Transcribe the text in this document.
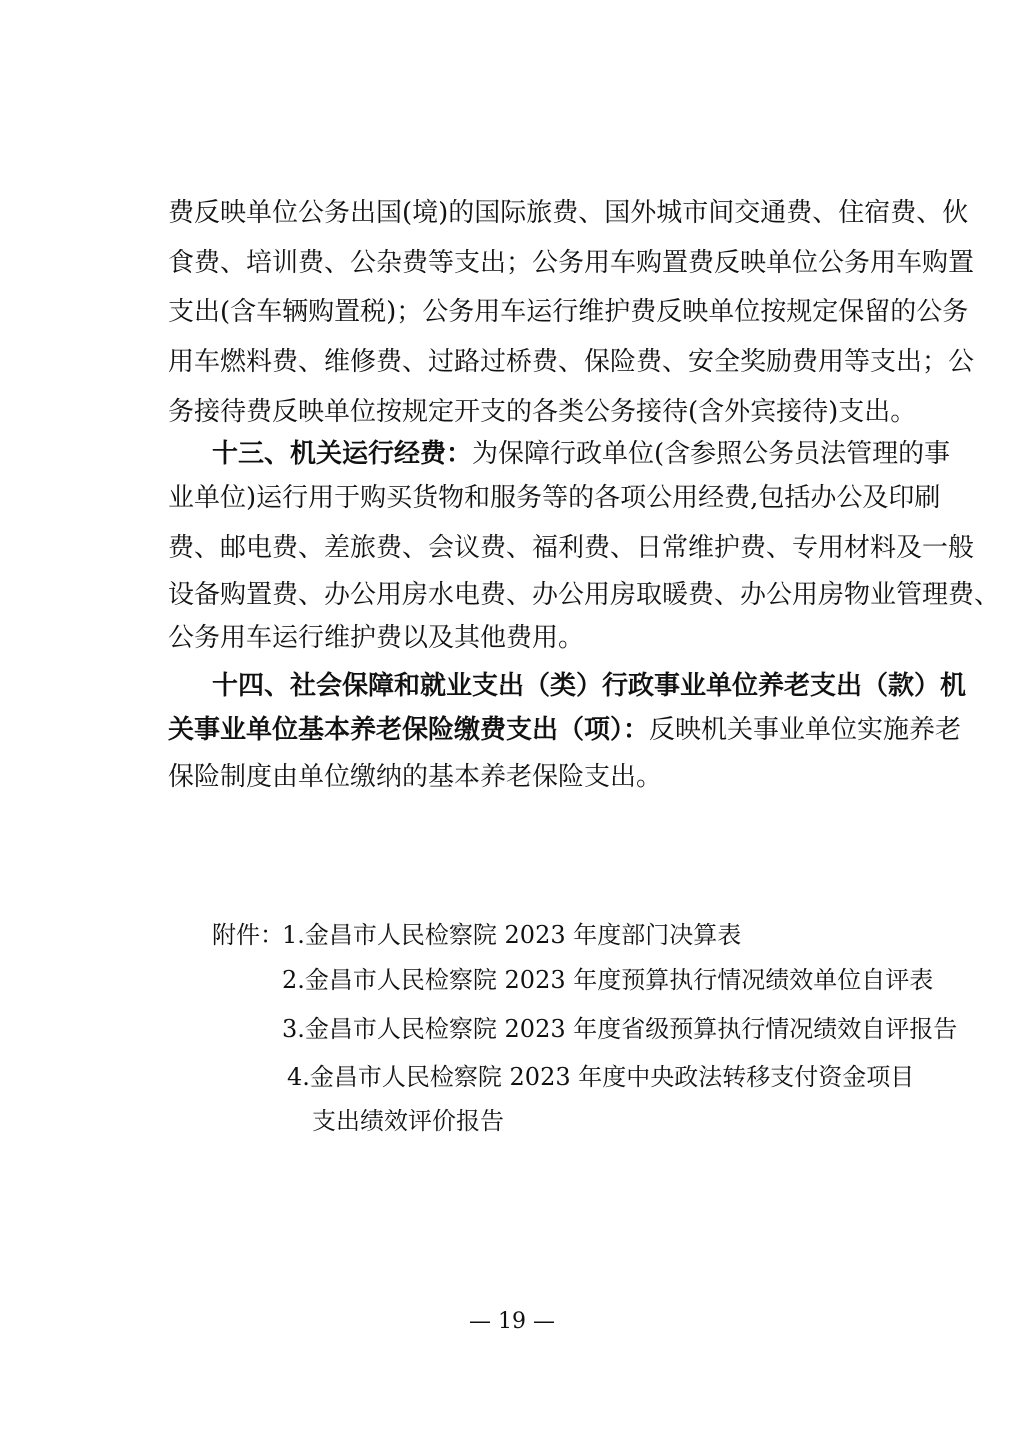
费反映单位公务出国(境)的国际旅费、国外城市间交通费、住宿费、伙
食费、培训费、公杂费等支出；公务用车购置费反映单位公务用车购置
支出(含车辆购置税)；公务用车运行维护费反映单位按规定保留的公务
用车燃料费、维修费、过路过桥费、保险费、安全奖励费用等支出；公
务接待费反映单位按规定开支的各类公务接待(含外宾接待)支出。
十三、机关运行经费：为保障行政单位(含参照公务员法管理的事
业单位)运行用于购买货物和服务等的各项公用经费,包括办公及印刷
费、邮电费、差旅费、会议费、福利费、日常维护费、专用材料及一般
设备购置费、办公用房水电费、办公用房取暖费、办公用房物业管理费、
公务用车运行维护费以及其他费用。
十四、社会保障和就业支出（类）行政事业单位养老支出（款）机
关事业单位基本养老保险缴费支出（项）：反映机关事业单位实施养老
保险制度由单位缴纳的基本养老保险支出。
附件：
1.金昌市人民检察院 2023 年度部门决算表
2.金昌市人民检察院 2023 年度预算执行情况绩效单位自评表
3.金昌市人民检察院 2023 年度省级预算执行情况绩效自评报告
4.金昌市人民检察院 2023 年度中央政法转移支付资金项目
支出绩效评价报告
— 19 —
